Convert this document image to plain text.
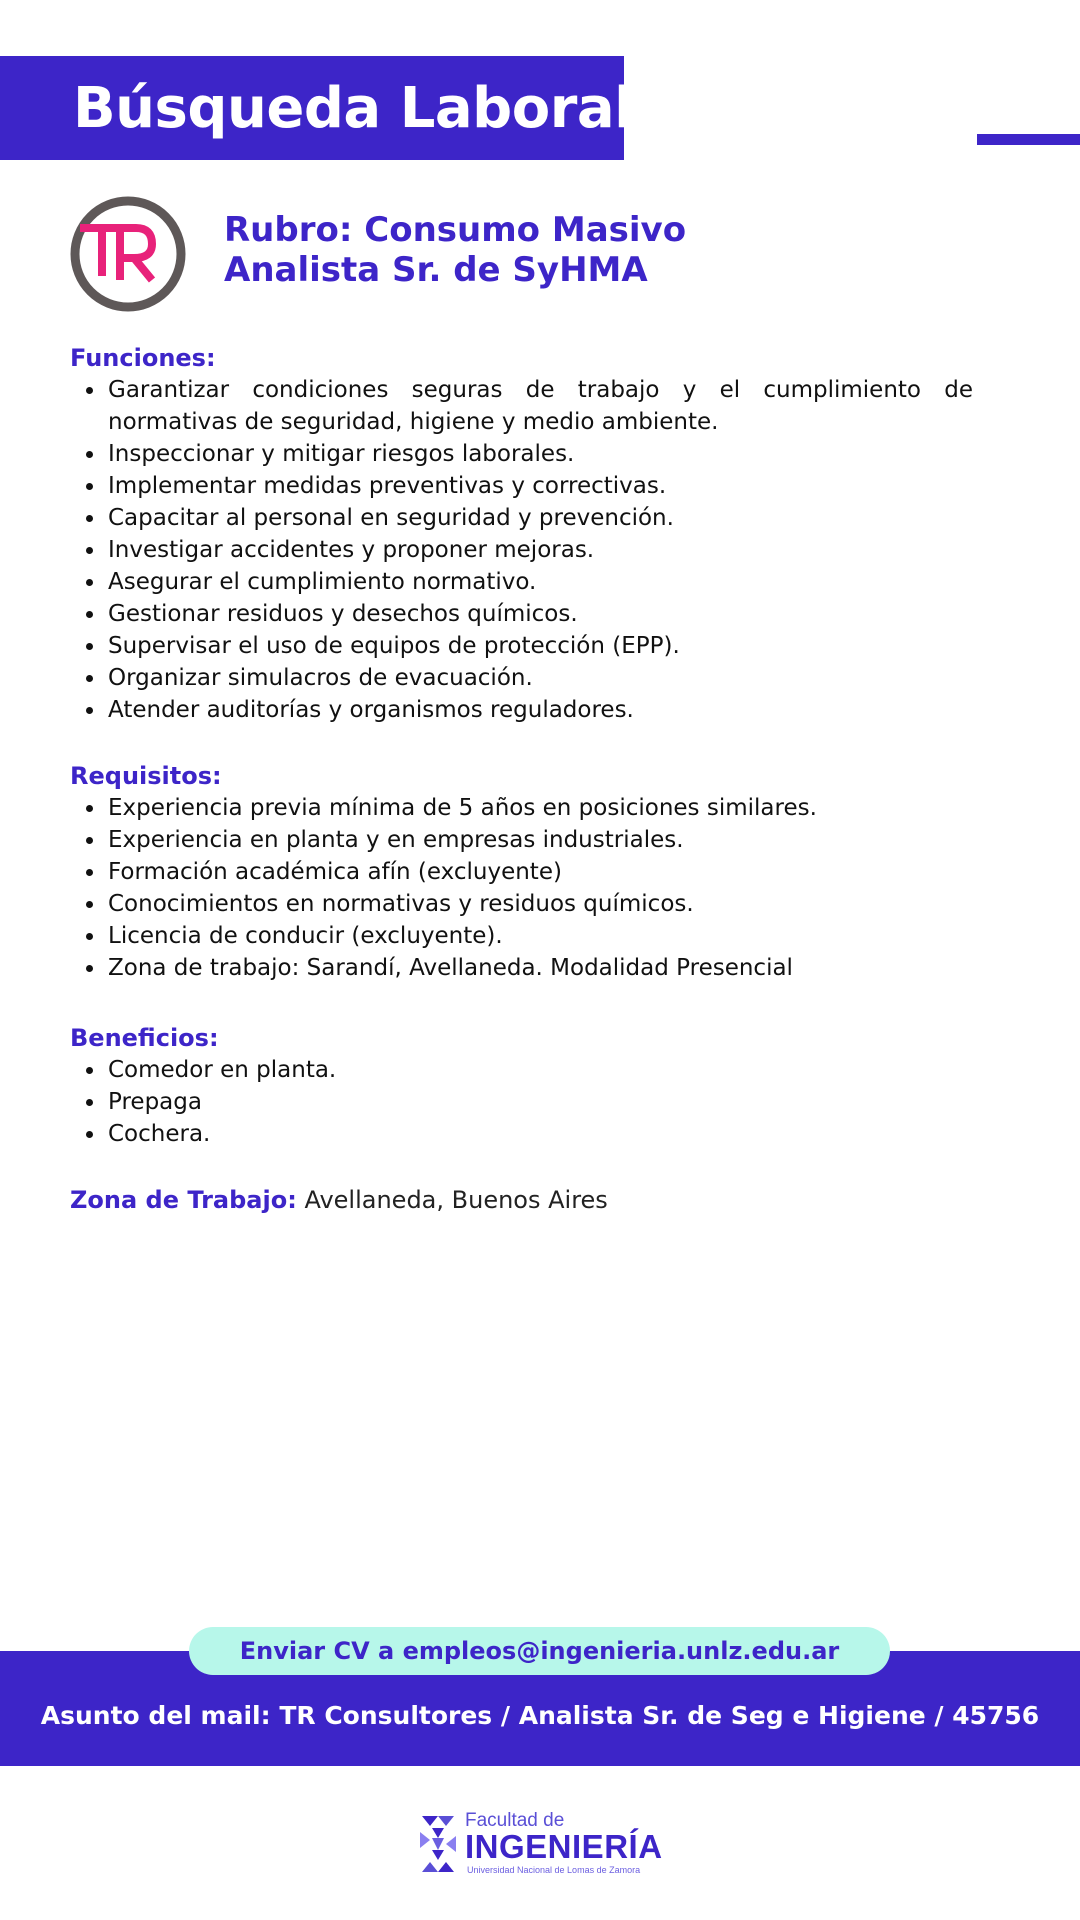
Búsqueda Laboral
Rubro: Consumo Masivo
Analista Sr. de SyHMA

Funciones:

Garantizar condiciones seguras de trabajo y el cumplimiento de normativas de seguridad, higiene y medio ambiente.
Inspeccionar y mitigar riesgos laborales.
Implementar medidas preventivas y correctivas.
Capacitar al personal en seguridad y prevención.
Investigar accidentes y proponer mejoras.
Asegurar el cumplimiento normativo.
Gestionar residuos y desechos químicos.
Supervisar el uso de equipos de protección (EPP).
Organizar simulacros de evacuación.
Atender auditorías y organismos reguladores.

Requisitos:

Experiencia previa mínima de 5 años en posiciones similares.
Experiencia en planta y en empresas industriales.
Formación académica afín (excluyente)
Conocimientos en normativas y residuos químicos.
Licencia de conducir (excluyente).
Zona de trabajo: Sarandí, Avellaneda. Modalidad Presencial

Beneficios:

Comedor en planta.
Prepaga
Cochera.
Zona de Trabajo: Avellaneda, Buenos Aires
Enviar CV a empleos@ingenieria.unlz.edu.ar
Asunto del mail: TR Consultores / Analista Sr. de Seg e Higiene / 45756
Facultad de
INGENIERÍA
Universidad Nacional de Lomas de Zamora
